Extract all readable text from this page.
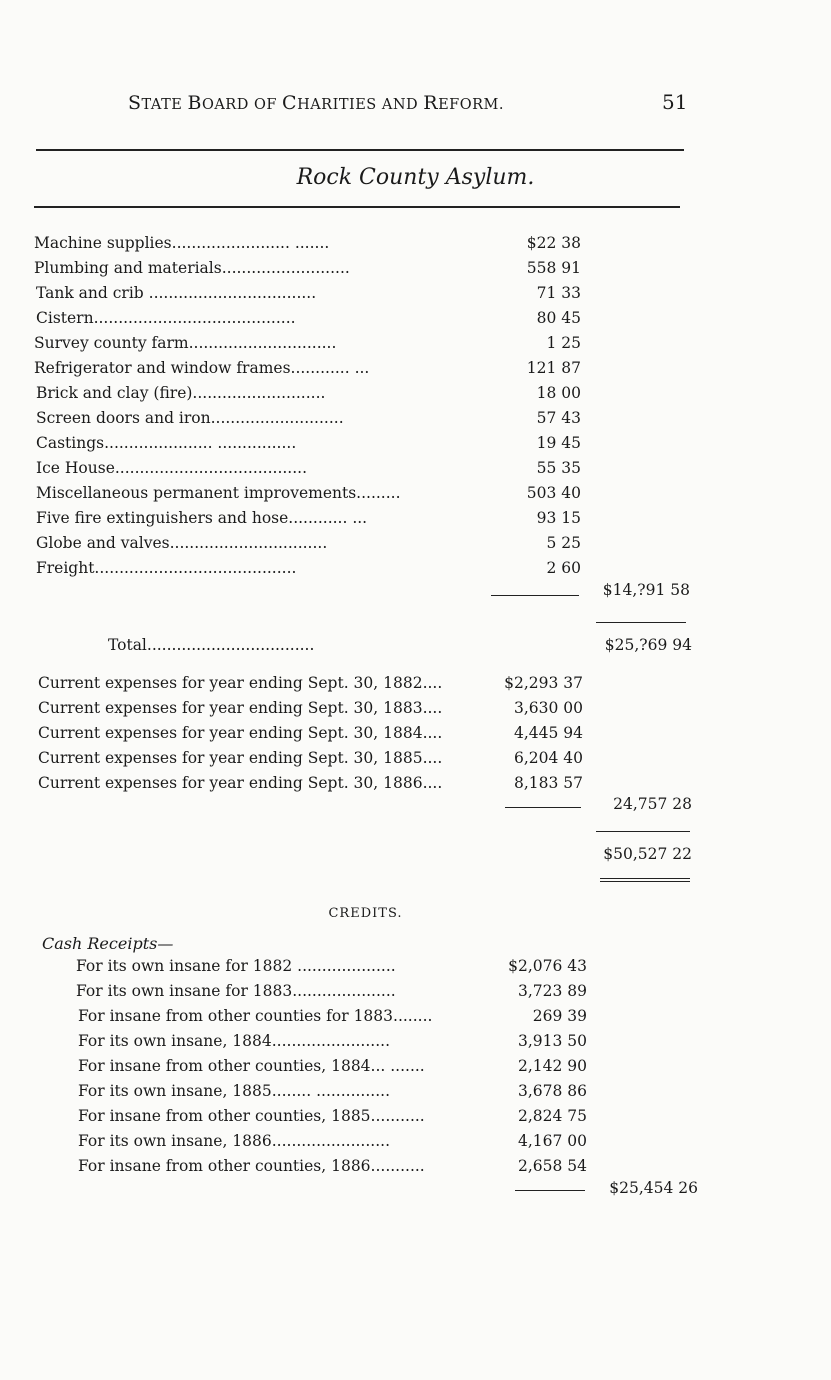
STATE BOARD OF CHARITIES AND REFORM.	51
Rock County Asylum.
Machine supplies........................ .......	$22 38
Plumbing and materials..........................	558 91
Tank and crib ..................................	71 33
Cistern.........................................	80 45
Survey county farm..............................	1 25
Refrigerator and window frames............ ...	121 87
Brick and clay (fire)...........................	18 00
Screen doors and iron...........................	57 43
Castings...................... ................	19 45
Ice House.......................................	55 35
Miscellaneous permanent improvements.........	503 40
Five fire extinguishers and hose............ ...	93 15
Globe and valves................................	5 25
Freight.........................................	2 60
$14,?91 58
Total..................................	$25,?69 94
Current expenses for year ending Sept. 30, 1882....	$2,293 37
Current expenses for year ending Sept. 30, 1883....	3,630 00
Current expenses for year ending Sept. 30, 1884....	4,445 94
Current expenses for year ending Sept. 30, 1885....	6,204 40
Current expenses for year ending Sept. 30, 1886....	8,183 57
24,757 28
$50,527 22
CREDITS.
Cash Receipts—
For its own insane for 1882 ....................	$2,076 43
For its own insane for 1883.....................	3,723 89
For insane from other counties for 1883........	269 39
For its own insane, 1884........................	3,913 50
For insane from other counties, 1884... .......	2,142 90
For its own insane, 1885........ ...............	3,678 86
For insane from other counties, 1885...........	2,824 75
For its own insane, 1886........................	4,167 00
For insane from other counties, 1886...........	2,658 54
$25,454 26
